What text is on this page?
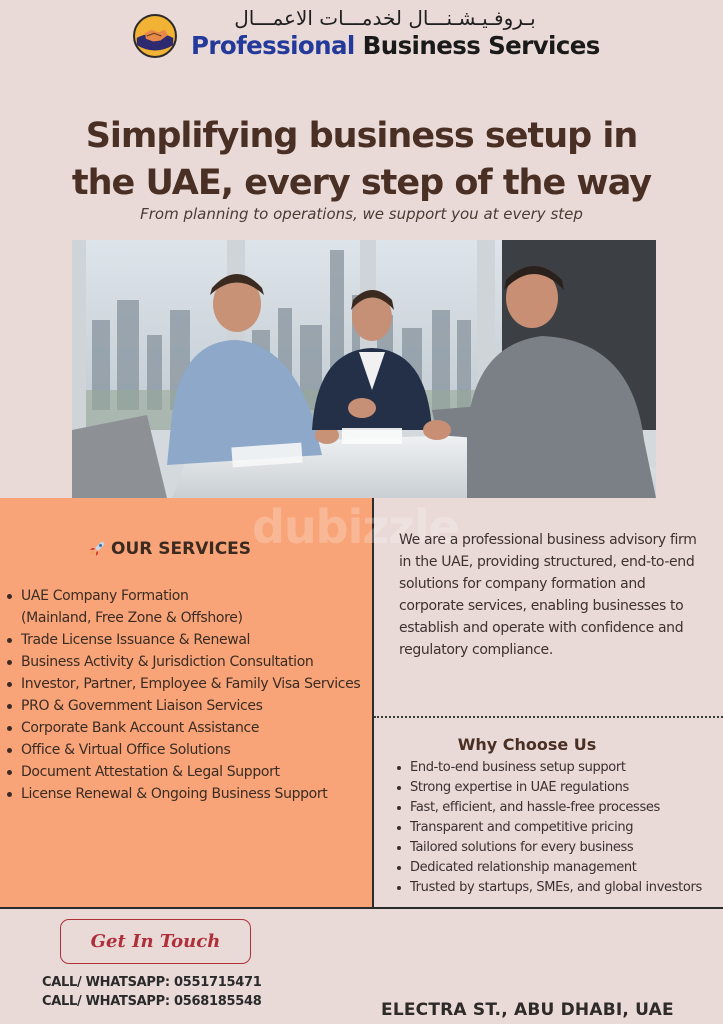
بـروفـيـشـنـــال لخدمـــات الاعمـــال
Professional Business Services
Simplifying business setup in
the UAE, every step of the way
From planning to operations, we support you at every step
dubizzle
OUR SERVICES
UAE Company Formation
(Mainland, Free Zone & Offshore)
Trade License Issuance & Renewal
Business Activity & Jurisdiction Consultation
Investor, Partner, Employee & Family Visa Services
PRO & Government Liaison Services
Corporate Bank Account Assistance
Office & Virtual Office Solutions
Document Attestation & Legal Support
License Renewal & Ongoing Business Support

We are a professional business advisory firm in the UAE, providing structured, end-to-end solutions for company formation and corporate services, enabling businesses to establish and operate with confidence and regulatory compliance.

Why Choose Us
End-to-end business setup support
Strong expertise in UAE regulations
Fast, efficient, and hassle-free processes
Transparent and competitive pricing
Tailored solutions for every business
Dedicated relationship management
Trusted by startups, SMEs, and global investors
Get In Touch
CALL/ WHATSAPP: 0551715471
CALL/ WHATSAPP: 0568185548	ELECTRA ST., ABU DHABI, UAE
